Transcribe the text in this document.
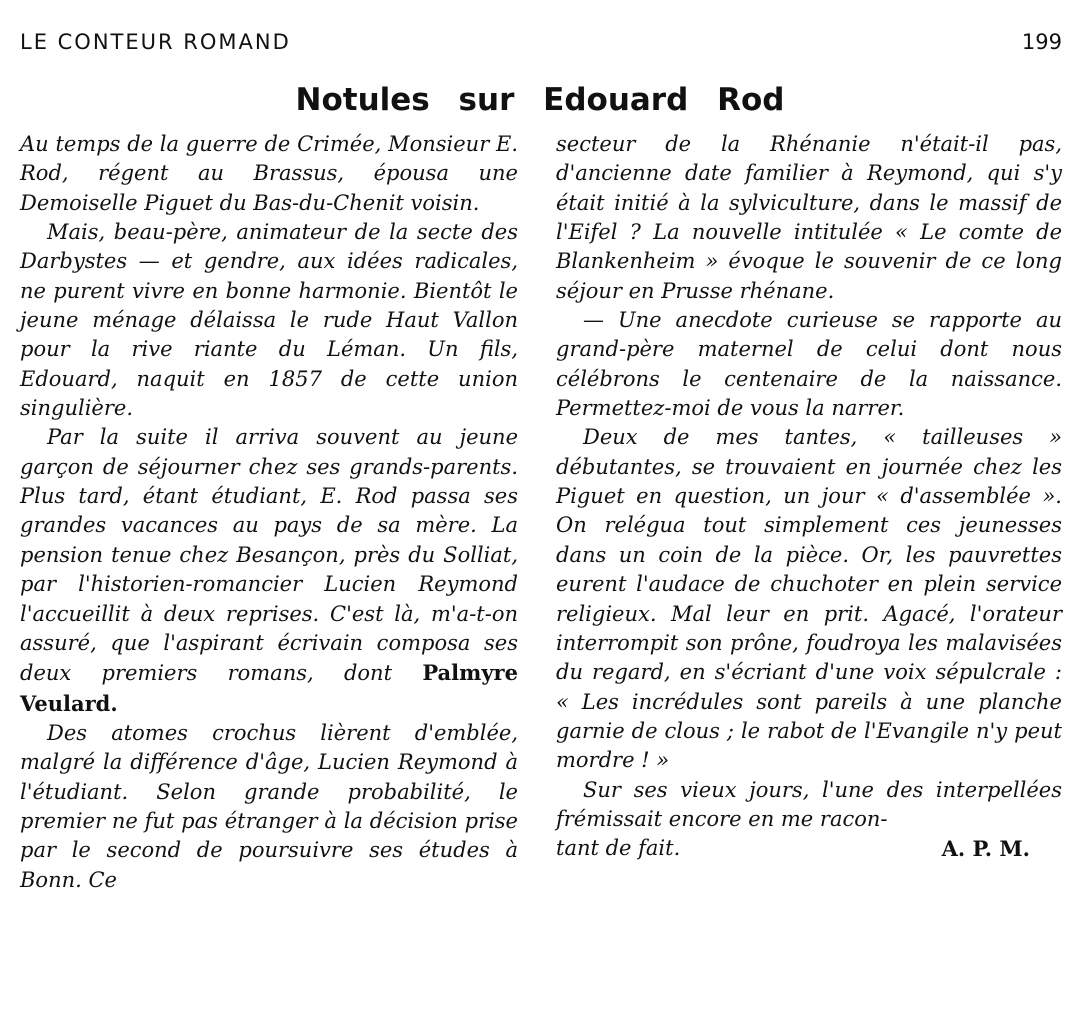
LE CONTEUR ROMAND	199
Notules sur Edouard Rod

Au temps de la guerre de Crimée, Monsieur E. Rod, régent au Brassus, épousa une Demoiselle Piguet du Bas-du-Chenit voisin.

Mais, beau-père, animateur de la secte des Darbystes — et gendre, aux idées radicales, ne purent vivre en bonne harmonie. Bientôt le jeune ménage délaissa le rude Haut Vallon pour la rive riante du Léman. Un fils, Edouard, naquit en 1857 de cette union singulière.

Par la suite il arriva souvent au jeune garçon de séjourner chez ses grands-parents. Plus tard, étant étudiant, E. Rod passa ses grandes vacances au pays de sa mère. La pension tenue chez Besançon, près du Solliat, par l'historien-romancier Lucien Reymond l'accueillit à deux reprises. C'est là, m'a-t-on assuré, que l'aspirant écrivain composa ses deux premiers romans, dont Palmyre Veulard.

Des atomes crochus lièrent d'emblée, malgré la différence d'âge, Lucien Reymond à l'étudiant. Selon grande probabilité, le premier ne fut pas étranger à la décision prise par le second de poursuivre ses études à Bonn. Ce

secteur de la Rhénanie n'était-il pas, d'ancienne date familier à Reymond, qui s'y était initié à la sylviculture, dans le massif de l'Eifel ? La nouvelle intitulée « Le comte de Blankenheim » évoque le souvenir de ce long séjour en Prusse rhénane.

— Une anecdote curieuse se rapporte au grand-père maternel de celui dont nous célébrons le centenaire de la naissance. Permettez-moi de vous la narrer.

Deux de mes tantes, « tailleuses » débutantes, se trouvaient en journée chez les Piguet en question, un jour « d'assemblée ». On relégua tout simplement ces jeunesses dans un coin de la pièce. Or, les pauvrettes eurent l'audace de chuchoter en plein service religieux. Mal leur en prit. Agacé, l'orateur interrompit son prône, foudroya les malavisées du regard, en s'écriant d'une voix sépulcrale : « Les incrédules sont pareils à une planche garnie de clous ; le rabot de l'Evangile n'y peut mordre ! »

Sur ses vieux jours, l'une des interpellées frémissait encore en me racon-

tant de fait.	A. P. M.
